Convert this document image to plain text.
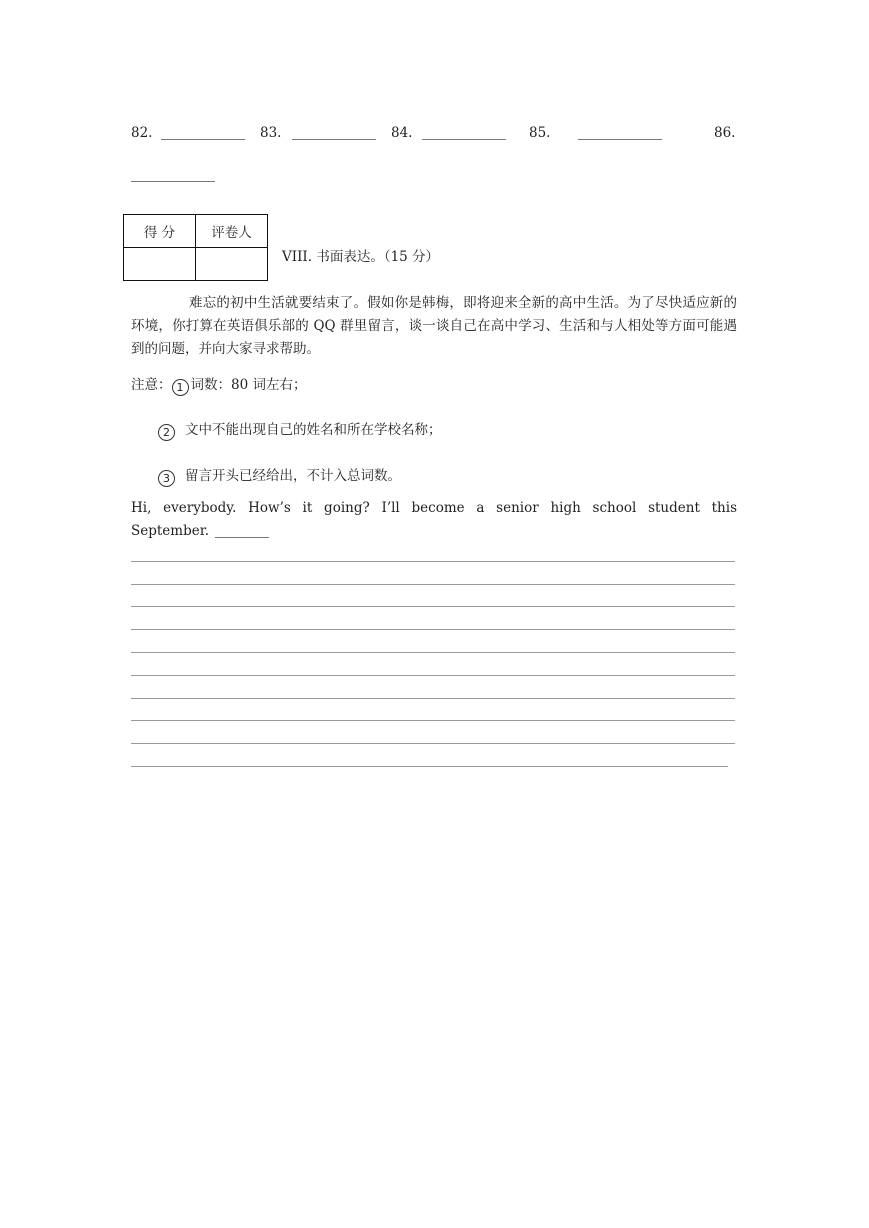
82.	83.	84.	85.	86.
得 分	评卷人

VIII. 书面表达。（15 分）
难忘的初中生活就要结束了。假如你是韩梅，即将迎来全新的高中生活。为了尽快适应新的环境，你打算在英语俱乐部的 QQ 群里留言，谈一谈自己在高中学习、生活和与人相处等方面可能遇到的问题，并向大家寻求帮助。
注意： 1 词数：80 词左右；
2 文中不能出现自己的姓名和所在学校名称；
3 留言开头已经给出，不计入总词数。
Hi, everybody. How’s it going? I’ll become a senior high school student this
September.
